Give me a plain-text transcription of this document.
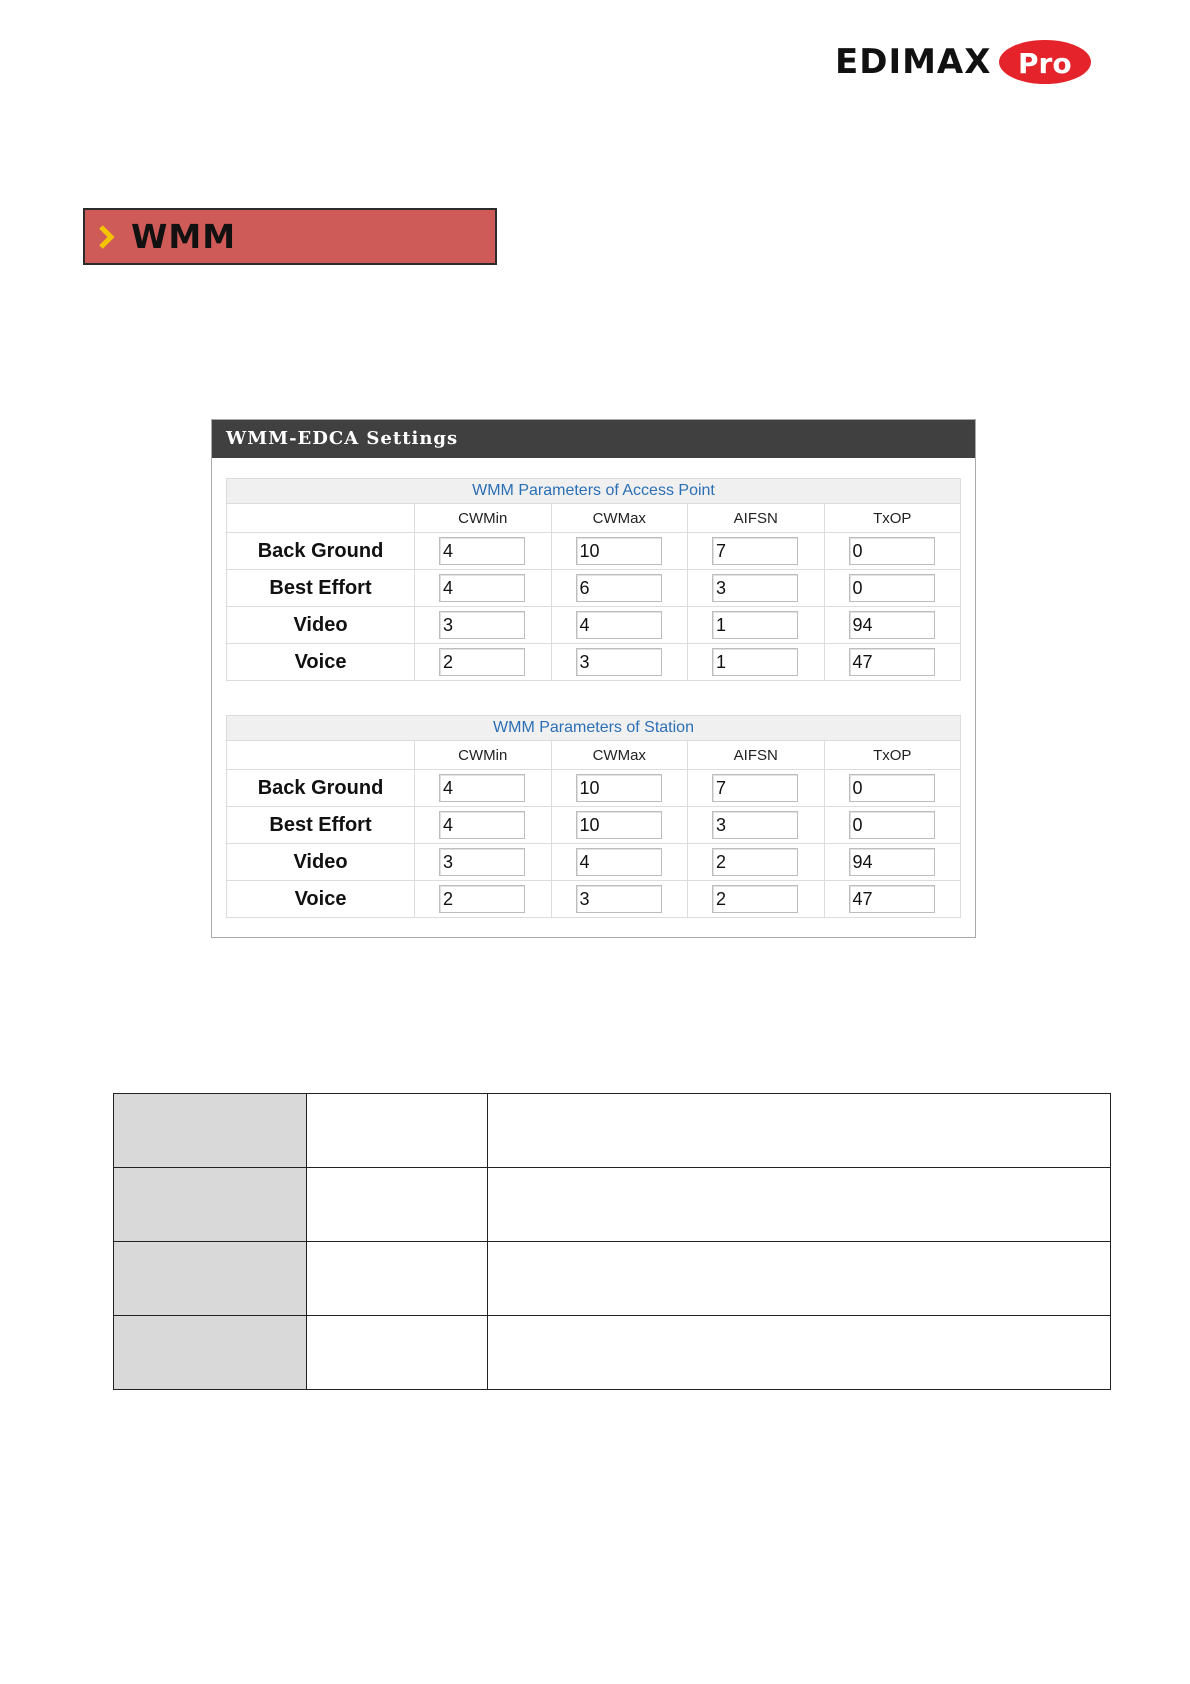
EDIMAX Pro
WMM
WMM-EDCA Settings
WMM Parameters of Access Point				
	CWMin	CWMax	AIFSN	TxOP
Back Ground	4	10	7	0

Best Effort	4	6	3	0

Video	3	4	1	94

Voice	2	3	1	47
WMM Parameters of Station				
	CWMin	CWMax	AIFSN	TxOP
Back Ground	4	10	7	0

Best Effort	4	10	3	0

Video	3	4	2	94

Voice	2	3	2	47
